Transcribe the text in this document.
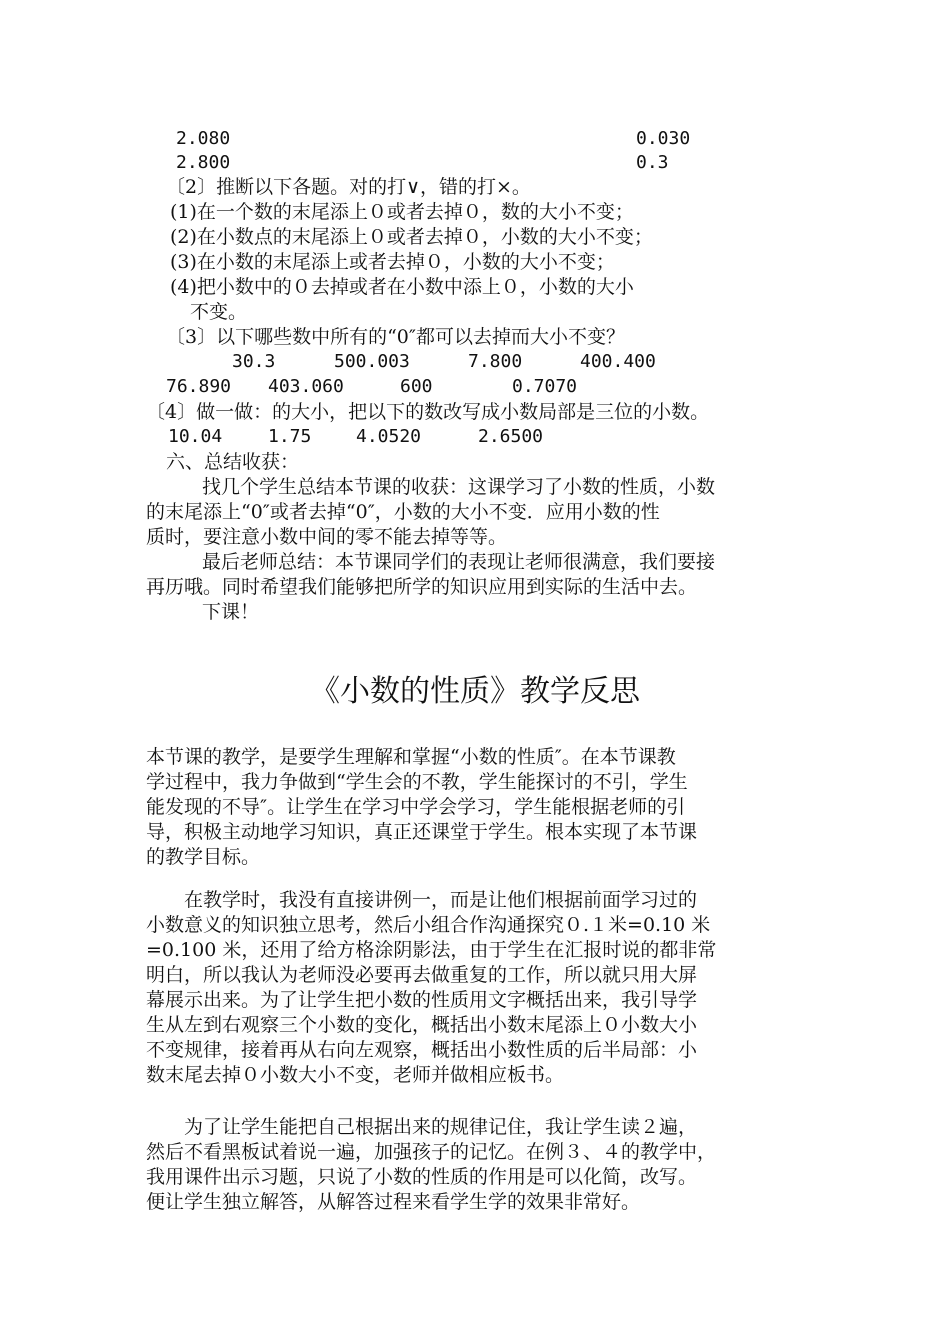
2.080	0.030
2.800	0.3
〔2〕推断以下各题。对的打∨，错的打×。
(1)在一个数的末尾添上０或者去掉０，数的大小不变；
(2)在小数点的末尾添上０或者去掉０，小数的大小不变；
(3)在小数的末尾添上或者去掉０，小数的大小不变；
(4)把小数中的０去掉或者在小数中添上０，小数的大小
不变。
〔3〕以下哪些数中所有的“0″都可以去掉而大小不变？
30.3	500.003	7.800	400.400
76.890 403.060	600	0.7070
〔4〕做一做：的大小，把以下的数改写成小数局部是三位的小数。
10.04	1.75 4.0520	2.6500
六、总结收获：
找几个学生总结本节课的收获：这课学习了小数的性质，小数
的末尾添上“0″或者去掉“0″，小数的大小不变．应用小数的性
质时，要注意小数中间的零不能去掉等等。
最后老师总结：本节课同学们的表现让老师很满意，我们要接
再历哦。同时希望我们能够把所学的知识应用到实际的生活中去。
下课！
《小数的性质》教学反思
本节课的教学，是要学生理解和掌握“小数的性质″。在本节课教
学过程中，我力争做到“学生会的不教，学生能探讨的不引，学生
能发现的不导″。让学生在学习中学会学习，学生能根据老师的引
导，积极主动地学习知识，真正还课堂于学生。根本实现了本节课
的教学目标。
在教学时，我没有直接讲例一，而是让他们根据前面学习过的
小数意义的知识独立思考，然后小组合作沟通探究０.１米=0.10 米
=0.100 米，还用了给方格涂阴影法，由于学生在汇报时说的都非常
明白，所以我认为老师没必要再去做重复的工作，所以就只用大屏
幕展示出来。为了让学生把小数的性质用文字概括出来，我引导学
生从左到右观察三个小数的变化，概括出小数末尾添上０小数大小
不变规律，接着再从右向左观察，概括出小数性质的后半局部：小
数末尾去掉０小数大小不变，老师并做相应板书。
为了让学生能把自己根据出来的规律记住，我让学生读２遍，
然后不看黑板试着说一遍，加强孩子的记忆。在例３、４的教学中，
我用课件出示习题，只说了小数的性质的作用是可以化简，改写。
便让学生独立解答，从解答过程来看学生学的效果非常好。
